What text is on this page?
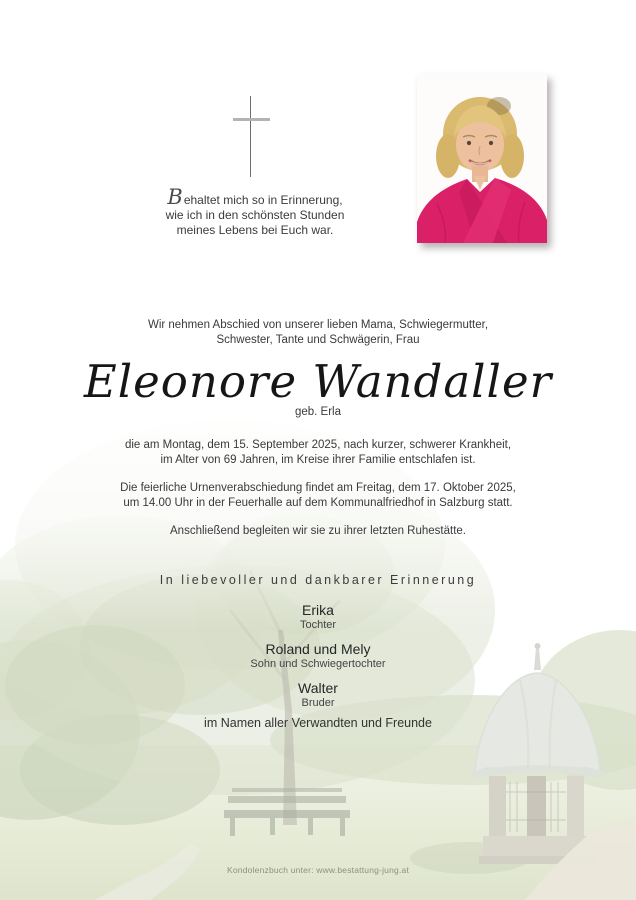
Behaltet mich so in Erinnerung,
wie ich in den schönsten Stunden
meines Lebens bei Euch war.
Wir nehmen Abschied von unserer lieben Mama, Schwiegermutter,
Schwester, Tante und Schwägerin, Frau
Eleonore Wandaller
geb. Erla
die am Montag, dem 15. September 2025, nach kurzer, schwerer Krankheit,
im Alter von 69 Jahren, im Kreise ihrer Familie entschlafen ist.
Die feierliche Urnenverabschiedung findet am Freitag, dem 17. Oktober 2025,
um 14.00 Uhr in der Feuerhalle auf dem Kommunalfriedhof in Salzburg statt.
Anschließend begleiten wir sie zu ihrer letzten Ruhestätte.
In liebevoller und dankbarer Erinnerung
Erika
Tochter
Roland und Mely
Sohn und Schwiegertochter
Walter
Bruder
im Namen aller Verwandten und Freunde
Kondolenzbuch unter: www.bestattung-jung.at
